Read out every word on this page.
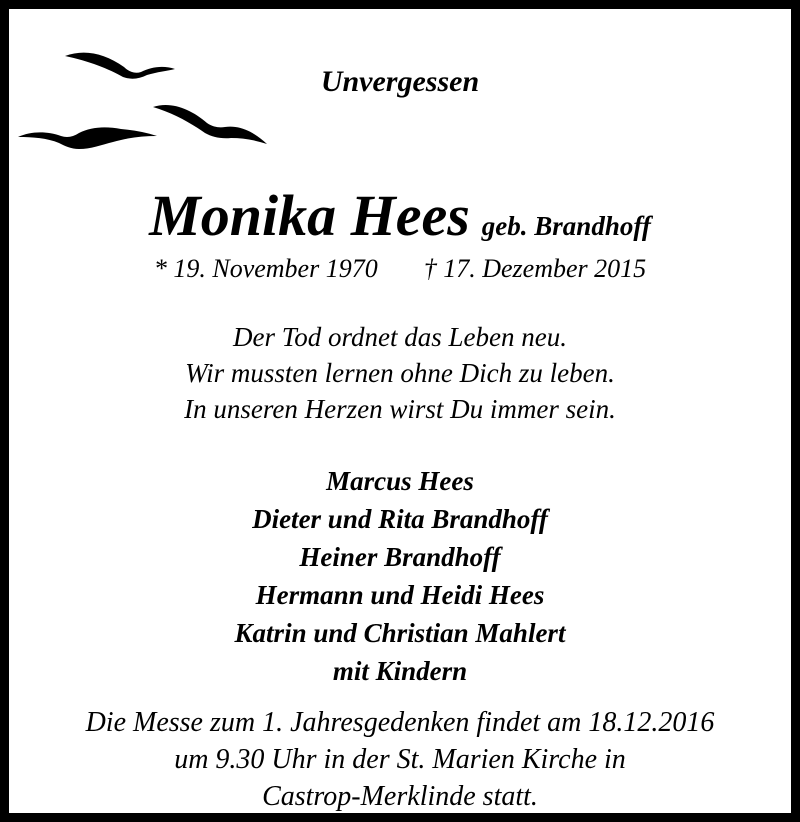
Unvergessen
Monika Hees geb. Brandhoff
* 19. November 1970 † 17. Dezember 2015
Der Tod ordnet das Leben neu.
Wir mussten lernen ohne Dich zu leben.
In unseren Herzen wirst Du immer sein.
Marcus Hees
Dieter und Rita Brandhoff
Heiner Brandhoff
Hermann und Heidi Hees
Katrin und Christian Mahlert
mit Kindern
Die Messe zum 1. Jahresgedenken findet am 18.12.2016
um 9.30 Uhr in der St. Marien Kirche in
Castrop-Merklinde statt.
